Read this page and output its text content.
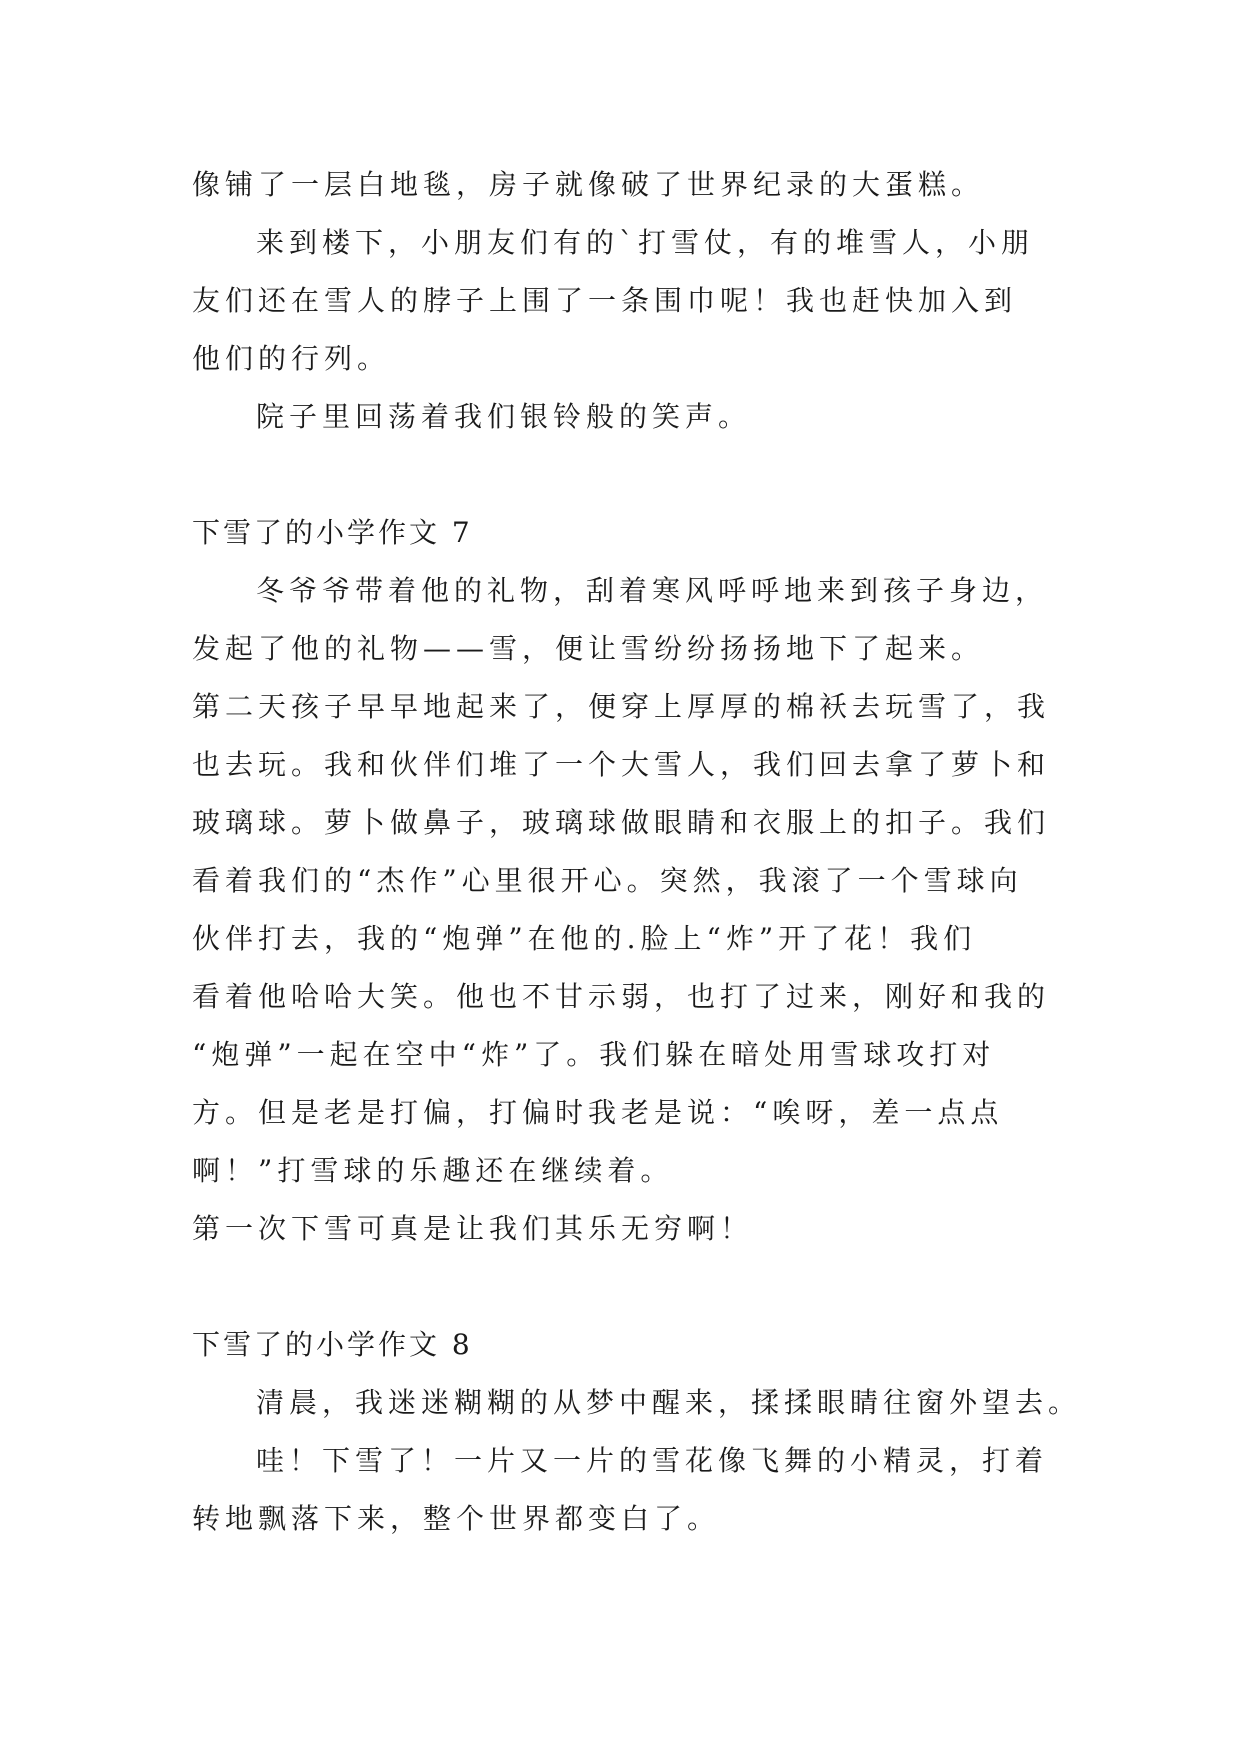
像铺了一层白地毯，房子就像破了世界纪录的大蛋糕。
来到楼下，小朋友们有的`打雪仗，有的堆雪人，小朋
友们还在雪人的脖子上围了一条围巾呢！我也赶快加入到
他们的行列。
院子里回荡着我们银铃般的笑声。
下雪了的小学作文 7
冬爷爷带着他的礼物，刮着寒风呼呼地来到孩子身边，
发起了他的礼物——雪，便让雪纷纷扬扬地下了起来。
第二天孩子早早地起来了，便穿上厚厚的棉袄去玩雪了，我
也去玩。我和伙伴们堆了一个大雪人，我们回去拿了萝卜和
玻璃球。萝卜做鼻子，玻璃球做眼睛和衣服上的扣子。我们
看着我们的“杰作”心里很开心。突然，我滚了一个雪球向
伙伴打去，我的“炮弹”在他的.脸上“炸”开了花！我们
看着他哈哈大笑。他也不甘示弱，也打了过来，刚好和我的
“炮弹”一起在空中“炸”了。我们躲在暗处用雪球攻打对
方。但是老是打偏，打偏时我老是说：“唉呀，差一点点
啊！”打雪球的乐趣还在继续着。
第一次下雪可真是让我们其乐无穷啊！
下雪了的小学作文 8
清晨，我迷迷糊糊的从梦中醒来，揉揉眼睛往窗外望去。
哇！下雪了！一片又一片的雪花像飞舞的小精灵，打着
转地飘落下来，整个世界都变白了。
